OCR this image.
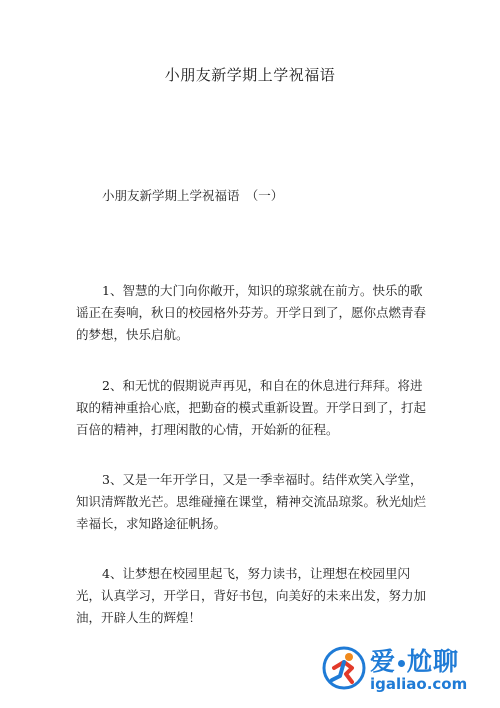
小朋友新学期上学祝福语
小朋友新学期上学祝福语　（一）

1、智慧的大门向你敞开，知识的琼浆就在前方。快乐的歌谣正在奏响，秋日的校园格外芬芳。开学日到了，愿你点燃青春的梦想，快乐启航。

2、和无忧的假期说声再见，和自在的休息进行拜拜。将进取的精神重拾心底，把勤奋的模式重新设置。开学日到了，打起百倍的精神，打理闲散的心情，开始新的征程。

3、又是一年开学日，又是一季幸福时。结伴欢笑入学堂，知识清辉散光芒。思维碰撞在课堂，精神交流品琼浆。秋光灿烂幸福长，求知路途征帆扬。

4、让梦想在校园里起飞，努力读书，让理想在校园里闪光，认真学习，开学日，背好书包，向美好的未来出发，努力加油，开辟人生的辉煌！

爱 尬聊
igaliao.com
